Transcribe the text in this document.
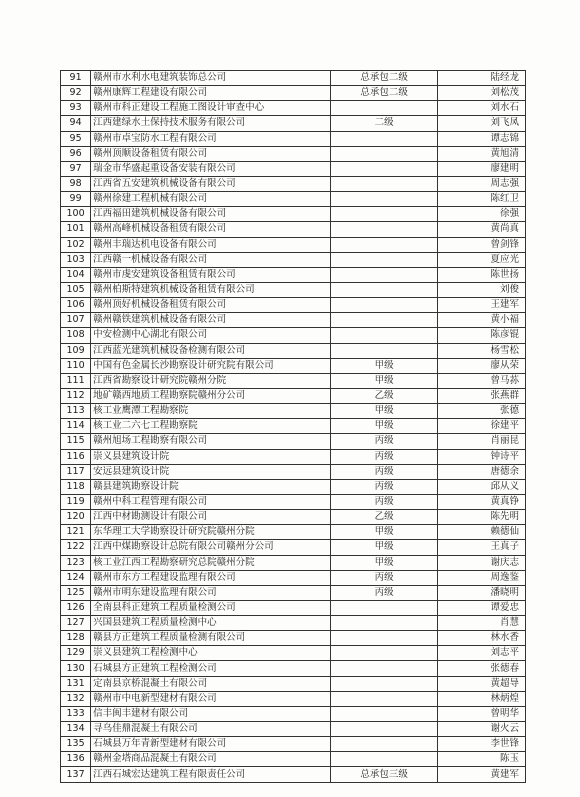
91	赣州市水利水电建筑装饰总公司	总承包二级	陆经龙
92	赣州康辉工程建设有限公司	总承包二级	刘松茂
93	赣州市科正建设工程施工图设计审查中心		刘水石
94	江西建绿水土保持技术服务有限公司	二级	刘飞凤
95	赣州市卓宝防水工程有限公司		谭志锦
96	赣州顶顺设备租赁有限公司		黄旭清
97	瑞金市华盛起重设备安装有限公司		廖建明
98	江西省五安建筑机械设备有限公司		周志强
99	赣州徐建工程机械有限公司		陈红卫
100	江西福田建筑机械设备有限公司		徐强
101	赣州高峰机械设备租赁有限公司		黄尚真
102	赣州丰瑞达机电设备有限公司		曾剑锋
103	江西赣一机械设备有限公司		夏应光
104	赣州市虔安建筑设备租赁有限公司		陈世扬
105	赣州柏斯特建筑机械设备租赁有限公司		刘俊
106	赣州顶好机械设备租赁有限公司		王建军
107	赣州赣铁建筑机械设备有限公司		黄小福
108	中安检测中心湖北有限公司		陈彦锟
109	江西蓝光建筑机械设备检测有限公司		杨雪松
110	中国有色金属长沙勘察设计研究院有限公司	甲级	廖从荣
111	江西省勘察设计研究院赣州分院	甲级	曾马荪
112	地矿赣西地质工程勘察院赣州分公司	乙级	张燕群
113	核工业鹰潭工程勘察院	甲级	张德
114	核工业二六七工程勘察院	甲级	徐建平
115	赣州旭场工程勘察有限公司	丙级	肖丽昆
116	崇义县建筑设计院	丙级	钟诗平
117	安远县建筑设计院	丙级	唐德余
118	赣县建筑勘察设计院	丙级	邱从义
119	赣州中科工程管理有限公司	丙级	黄真铮
120	江西中材勘测设计有限公司	乙级	陈先明
121	东华理工大学勘察设计研究院赣州分院	甲级	赖德仙
122	江西中煤勘察设计总院有限公司赣州分公司	甲级	王真子
123	核工业江西工程勘察研究总院赣州分院	甲级	谢庆志
124	赣州市东方工程建设监理有限公司	丙级	周逸鉴
125	赣州市明东建设监理有限公司	丙级	潘晓明
126	全南县科正建筑工程质量检测公司		谭爱忠
127	兴国县建筑工程质量检测中心		肖慧
128	赣县方正建筑工程质量检测有限公司		林水香
129	崇义县建筑工程检测中心		刘志平
130	石城县方正建筑工程检测公司		张德春
131	定南县京桥混凝土有限公司		黄超导
132	赣州市中电新型建材有限公司		林炳煌
133	信丰闽丰建材有限公司		曾明华
134	寻乌佳鼎混凝土有限公司		谢火云
135	石城县万年青新型建材有限公司		李世锋
136	赣州金塔商品混凝土有限公司		陈玉
137	江西石城宏达建筑工程有限责任公司	总承包三级	黄建军
